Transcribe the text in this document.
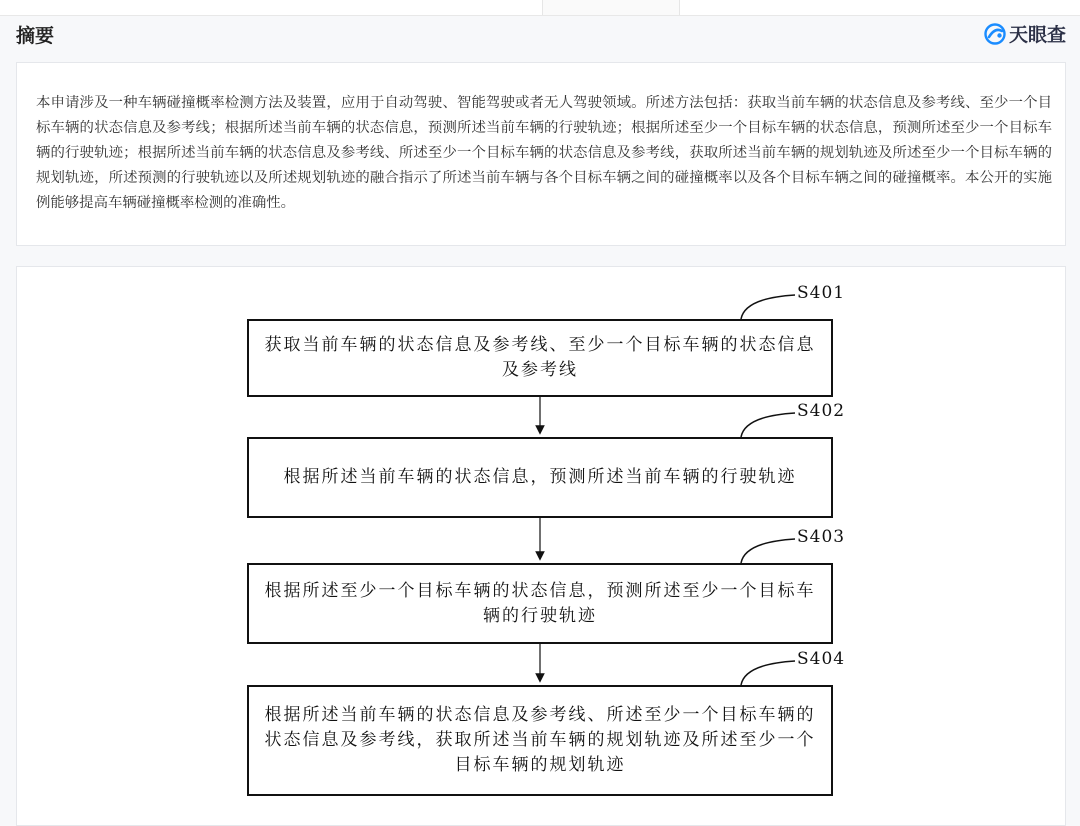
摘要	天眼查

本申请涉及一种车辆碰撞概率检测方法及装置，应用于自动驾驶、智能驾驶或者无人驾驶领域。所述方法包括：获取当前车辆的状态信息及参考线、至少一个目标车辆的状态信息及参考线；根据所述当前车辆的状态信息，预测所述当前车辆的行驶轨迹；根据所述至少一个目标车辆的状态信息，预测所述至少一个目标车辆的行驶轨迹；根据所述当前车辆的状态信息及参考线、所述至少一个目标车辆的状态信息及参考线，获取所述当前车辆的规划轨迹及所述至少一个目标车辆的规划轨迹，所述预测的行驶轨迹以及所述规划轨迹的融合指示了所述当前车辆与各个目标车辆之间的碰撞概率以及各个目标车辆之间的碰撞概率。本公开的实施例能够提高车辆碰撞概率检测的准确性。

S401
获取当前车辆的状态信息及参考线、至少一个目标车辆的状态信息及参考线
S402
根据所述当前车辆的状态信息，预测所述当前车辆的行驶轨迹
S403
根据所述至少一个目标车辆的状态信息，预测所述至少一个目标车辆的行驶轨迹
S404
根据所述当前车辆的状态信息及参考线、所述至少一个目标车辆的状态信息及参考线，获取所述当前车辆的规划轨迹及所述至少一个目标车辆的规划轨迹
